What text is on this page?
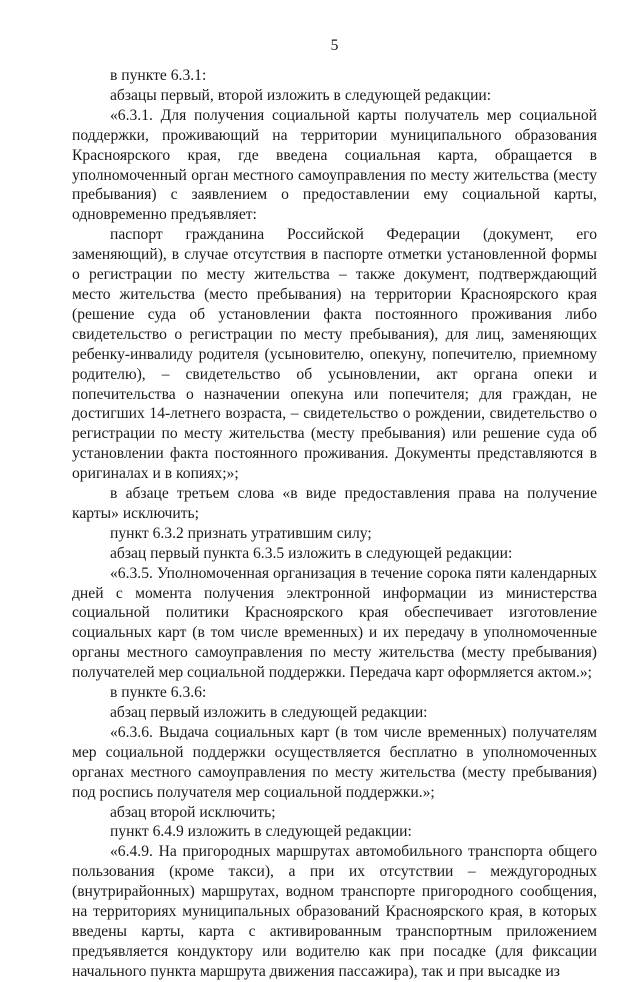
5

в пункте 6.3.1:

абзацы первый, второй изложить в следующей редакции:

«6.3.1. Для получения социальной карты получатель мер социальной поддержки, проживающий на территории муниципального образования Красноярского края, где введена социальная карта, обращается в уполномоченный орган местного самоуправления по месту жительства (месту пребывания) с заявлением о предоставлении ему социальной карты, одновременно предъявляет:

паспорт гражданина Российской Федерации (документ, его заменяющий), в случае отсутствия в паспорте отметки установленной формы о регистрации по месту жительства – также документ, подтверждающий место жительства (место пребывания) на территории Красноярского края (решение суда об установлении факта постоянного проживания либо свидетельство о регистрации по месту пребывания), для лиц, заменяющих ребенку-инвалиду родителя (усыновителю, опекуну, попечителю, приемному родителю), – свидетельство об усыновлении, акт органа опеки и попечительства о назначении опекуна или попечителя; для граждан, не достигших 14-летнего возраста, – свидетельство о рождении, свидетельство о регистрации по месту жительства (месту пребывания) или решение суда об установлении факта постоянного проживания. Документы представляются в оригиналах и в копиях;»;

в абзаце третьем слова «в виде предоставления права на получение карты» исключить;

пункт 6.3.2 признать утратившим силу;

абзац первый пункта 6.3.5 изложить в следующей редакции:

«6.3.5. Уполномоченная организация в течение сорока пяти календарных дней с момента получения электронной информации из министерства социальной политики Красноярского края обеспечивает изготовление социальных карт (в том числе временных) и их передачу в уполномоченные органы местного самоуправления по месту жительства (месту пребывания) получателей мер социальной поддержки. Передача карт оформляется актом.»;

в пункте 6.3.6:

абзац первый изложить в следующей редакции:

«6.3.6. Выдача социальных карт (в том числе временных) получателям мер социальной поддержки осуществляется бесплатно в уполномоченных органах местного самоуправления по месту жительства (месту пребывания) под роспись получателя мер социальной поддержки.»;

абзац второй исключить;

пункт 6.4.9 изложить в следующей редакции:

«6.4.9. На пригородных маршрутах автомобильного транспорта общего пользования (кроме такси), а при их отсутствии – междугородных (внутрирайонных) маршрутах, водном транспорте пригородного сообщения, на территориях муниципальных образований Красноярского края, в которых введены карты, карта с активированным транспортным приложением предъявляется кондуктору или водителю как при посадке (для фиксации начального пункта маршрута движения пассажира), так и при высадке из
